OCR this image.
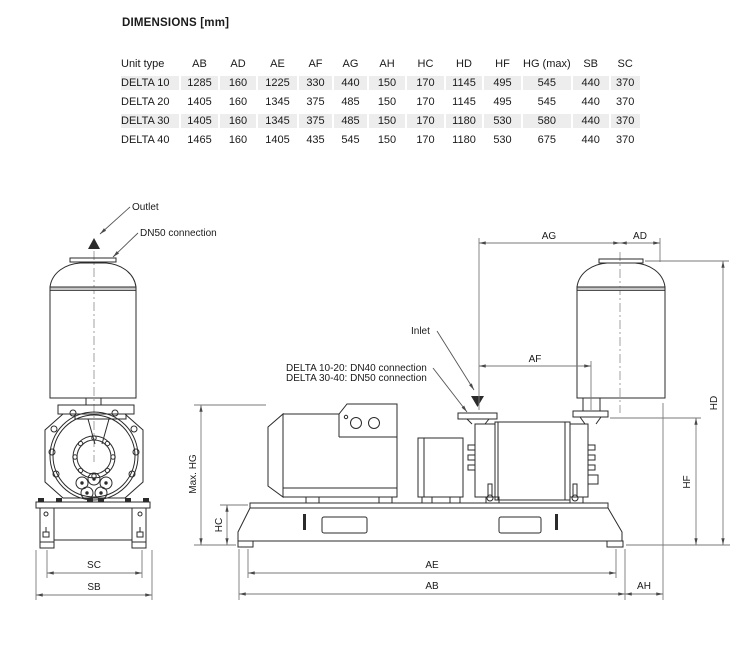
DIMENSIONS [mm]
Unit type	AB	AD	AE	AF	AG	AH	HC	HD	HF	HG (max)	SB	SC
DELTA 10	1285	160	1225	330	440	150	170	1145	495	545	440	370
DELTA 20	1405	160	1345	375	485	150	170	1145	495	545	440	370
DELTA 30	1405	160	1345	375	485	150	170	1180	530	580	440	370
DELTA 40	1465	160	1405	435	545	150	170	1180	530	675	440	370
Outlet
DN50 connection
SC
SB
Inlet
DELTA 10-20: DN40 connection
DELTA 30-40: DN50 connection
AG	AD
AF
HD
HF
Max. HG
HC
AE
AB	AH
